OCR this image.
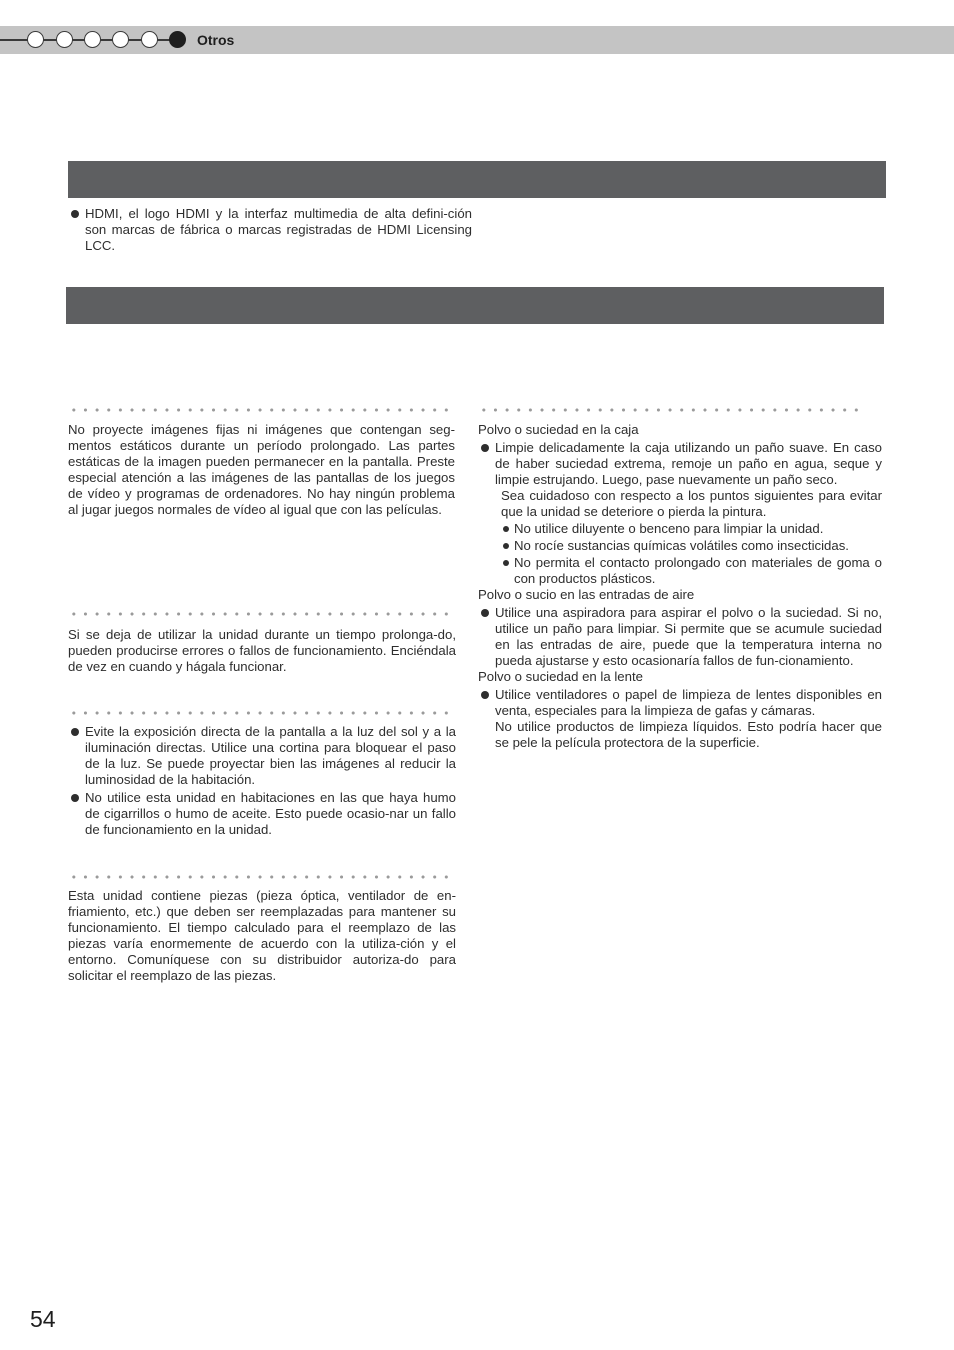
Otros

HDMI, el logo HDMI y la interfaz multimedia de alta defini-ción son marcas de fábrica o marcas registradas de HDMI Licensing LCC.

No proyecte imágenes fijas ni imágenes que contengan seg-mentos estáticos durante un período prolongado. Las partes estáticas de la imagen pueden permanecer en la pantalla. Preste especial atención a las imágenes de las pantallas de los juegos de vídeo y programas de ordenadores. No hay ningún problema al jugar juegos normales de vídeo al igual que con las películas.

Si se deja de utilizar la unidad durante un tiempo prolonga-do, pueden producirse errores o fallos de funcionamiento. Enciéndala de vez en cuando y hágala funcionar.

Evite la exposición directa de la pantalla a la luz del sol y a la iluminación directas. Utilice una cortina para bloquear el paso de la luz. Se puede proyectar bien las imágenes al reducir la luminosidad de la habitación.

No utilice esta unidad en habitaciones en las que haya humo de cigarrillos o humo de aceite. Esto puede ocasio-nar un fallo de funcionamiento en la unidad.

Esta unidad contiene piezas (pieza óptica, ventilador de en-friamiento, etc.) que deben ser reemplazadas para mantener su funcionamiento. El tiempo calculado para el reemplazo de las piezas varía enormemente de acuerdo con la utiliza-ción y el entorno. Comuníquese con su distribuidor autoriza-do para solicitar el reemplazo de las piezas.

Polvo o suciedad en la caja

Limpie delicadamente la caja utilizando un paño suave. En caso de haber suciedad extrema, remoje un paño en agua, seque y limpie estrujando. Luego, pase nuevamente un paño seco.

Sea cuidadoso con respecto a los puntos siguientes para evitar que la unidad se deteriore o pierda la pintura.

No utilice diluyente o benceno para limpiar la unidad.

No rocíe sustancias químicas volátiles como insecticidas.

No permita el contacto prolongado con materiales de goma o con productos plásticos.

Polvo o sucio en las entradas de aire

Utilice una aspiradora para aspirar el polvo o la suciedad. Si no, utilice un paño para limpiar. Si permite que se acumule suciedad en las entradas de aire, puede que la temperatura interna no pueda ajustarse y esto ocasionaría fallos de fun-cionamiento.

Polvo o suciedad en la lente

Utilice ventiladores o papel de limpieza de lentes disponibles en venta, especiales para la limpieza de gafas y cámaras.

No utilice productos de limpieza líquidos. Esto podría hacer que se pele la película protectora de la superficie.

54
